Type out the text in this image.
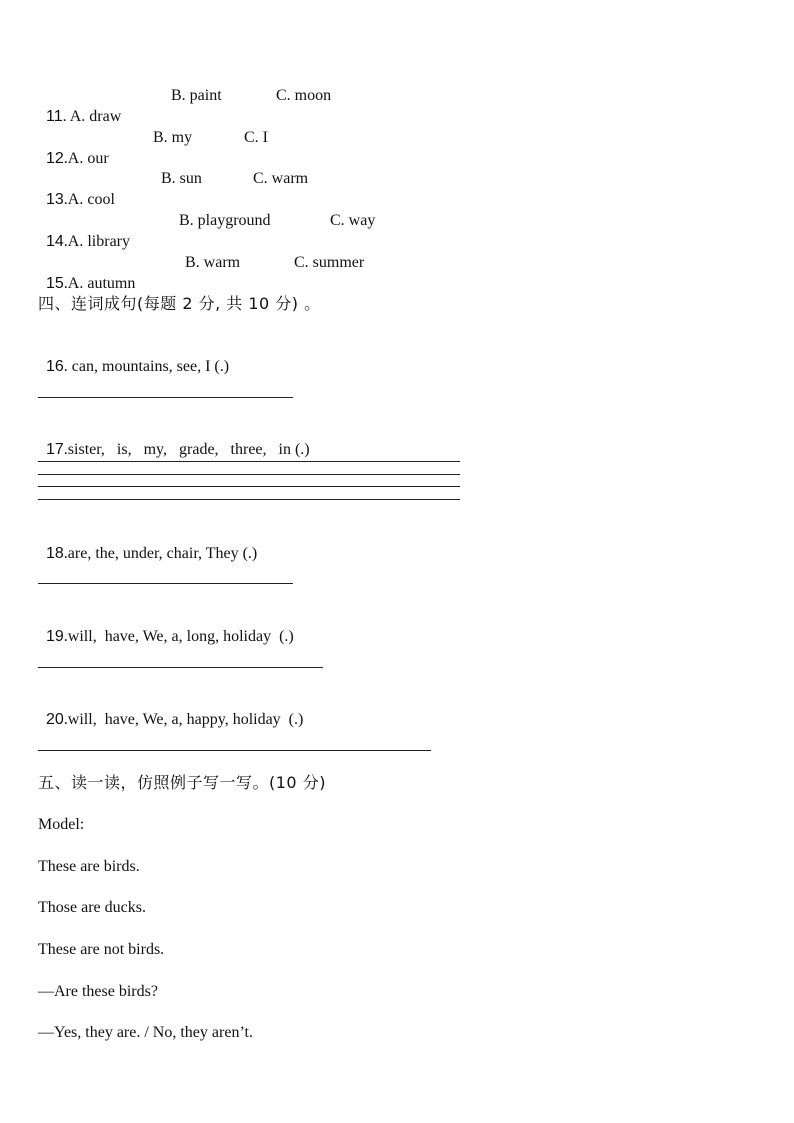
11. A. draw

B. paint	C. moon

12.A. our

B. my	C. I

13.A. cool

B. sun	C. warm

14.A. library

B. playground	C. way

15.A. autumn

B. warm	C. summer
四、连词成句(每题 2 分, 共 10 分) 。

16. can, mountains, see, I (.)

17.sister,   is,   my,   grade,   three,   in (.)

18.are, the, under, chair, They (.)

19.will,  have, We, a, long, holiday  (.)

20.will,  have, We, a, happy, holiday  (.)

五、读一读，仿照例子写一写。(10 分)
Model:
These are birds.
Those are ducks.
These are not birds.
—Are these birds?
—Yes, they are. / No, they aren’t.
